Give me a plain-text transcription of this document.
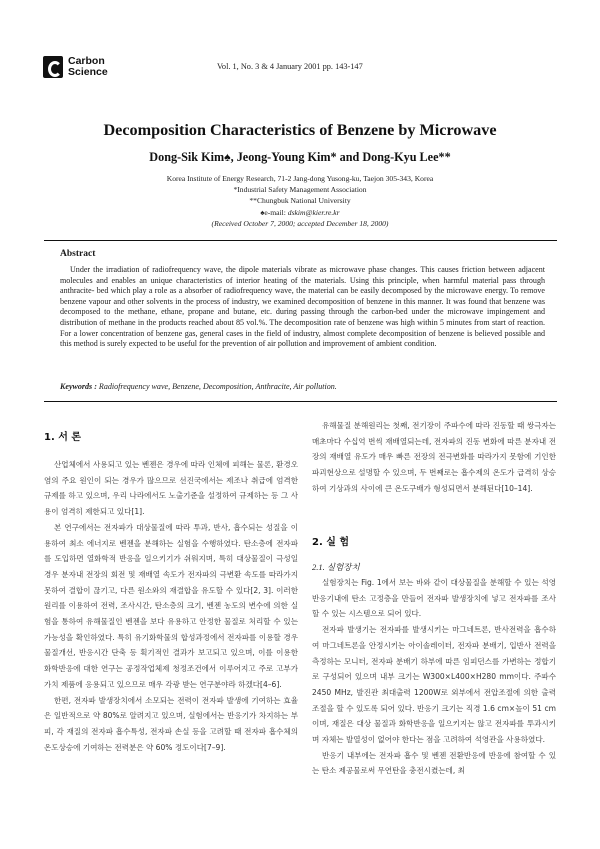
Carbon
Science	Vol. 1, No. 3 & 4 January 2001 pp. 143-147
Decomposition Characteristics of Benzene by Microwave
Dong-Sik Kim♠, Jeong-Young Kim* and Dong-Kyu Lee**
Korea Institute of Energy Research, 71-2 Jang-dong Yusong-ku, Taejon 305-343, Korea
*Industrial Safety Management Association
**Chungbuk National University
♠e-mail: dskim@kier.re.kr
(Received October 7, 2000; accepted December 18, 2000)
Abstract
Under the irradiation of radiofrequency wave, the dipole materials vibrate as microwave phase changes. This causes friction between adjacent molecules and enables an unique characteristics of interior heating of the materials. Using this principle, when harmful material pass through anthracite- bed which play a role as a absorber of radiofrequency wave, the material can be easily decomposed by the microwave energy. To remove benzene vapour and other solvents in the process of industry, we examined decomposition of benzene in this manner. It was found that benzene was decomposed to the methane, ethane, propane and butane, etc. during passing through the carbon-bed under the microwave impingement and distribution of methane in the products reached about 85 vol.%. The decomposition rate of benzene was high within 5 minutes from start of reaction. For a lower concentration of benzene gas, general cases in the field of industry, almost complete decomposition of benzene is believed possible and this method is surely expected to be useful for the prevention of air pollution and improvement of ambient condition.
Keywords : Radiofrequency wave, Benzene, Decomposition, Anthracite, Air pollution.
1. 서 론

산업체에서 사용되고 있는 벤젠은 경우에 따라 인체에 피해는 물론, 환경오염의 주요 원인이 되는 경우가 많으므로 선진국에서는 제조나 취급에 엄격한 규제를 하고 있으며, 우리 나라에서도 노출기준을 설정하여 규제하는 등 그 사용이 엄격히 제한되고 있다[1].

본 연구에서는 전자파가 대상물질에 따라 투과, 반사, 흡수되는 성질을 이용하여 최소 에너지로 벤젠을 분해하는 실험을 수행하였다. 탄소층에 전자파를 도입하면 열화학적 반응을 일으키기가 쉬워지며, 특히 대상물질이 극성일 경우 분자내 전장의 회전 및 재배열 속도가 전자파의 극변환 속도를 따라가지 못하여 결합이 끊기고, 다른 원소와의 재결합을 유도할 수 있다[2, 3]. 이러한 원리를 이용하여 전력, 조사시간, 탄소층의 크기, 벤젠 농도의 변수에 의한 실험을 통하여 유해물질인 벤젠을 보다 유용하고 안정한 물질로 처리할 수 있는 가능성을 확인하였다. 특히 유기화학물의 합성과정에서 전자파를 이용할 경우 물질개선, 반응시간 단축 등 획기적인 결과가 보고되고 있으며, 이를 이용한 화학반응에 대한 연구는 공정작업체제 청정조건에서 이루어지고 주로 고부가가치 제품에 응용되고 있으므로 매우 각광 받는 연구분야라 하겠다[4–6].

한편, 전자파 발생장치에서 소모되는 전력이 전자파 발생에 기여하는 효율은 일반적으로 약 80%로 알려지고 있으며, 실험에서는 반응기가 차지하는 부피, 각 재질의 전자파 흡수특성, 전자파 손실 등을 고려할 때 전자파 흡수체의 온도상승에 기여하는 전력분은 약 60% 정도이다[7–9].

유해물질 분해원리는 첫째, 전기장이 주파수에 따라 진동할 때 쌍극자는 매초마다 수십억 번씩 재배열되는데, 전자파의 진동 변화에 따른 분자내 전장의 재배열 유도가 매우 빠른 전장의 전극변화를 따라가지 못함에 기인한 파괴현상으로 설명할 수 있으며, 두 번째로는 흡수제의 온도가 급격히 상승하여 기상과의 사이에 큰 온도구배가 형성되면서 분해된다[10–14].

2. 실 험
2.1. 실험장치

실험장치는 Fig. 1에서 보는 바와 같이 대상물질을 분해할 수 있는 석영 반응기내에 탄소 고정층을 만들어 전자파 발생장치에 넣고 전자파를 조사할 수 있는 시스템으로 되어 있다.

전자파 발생기는 전자파를 발생시키는 마그네트론, 반사전력을 흡수하여 마그네트론을 안정시키는 아이솔레이터, 전자파 분배기, 입반사 전력을 측정하는 모니터, 전자파 분배기 하부에 따른 임피던스를 가변하는 정합기로 구성되어 있으며 내부 크기는 W300×L400×H280 mm이다. 주파수 2450 MHz, 발진관 최대출력 1200W로 외부에서 전압조절에 의한 출력 조절을 할 수 있도록 되어 있다. 반응기 크기는 직경 1.6 cm×높이 51 cm이며, 재질은 대상 물질과 화학반응을 일으키지는 않고 전자파를 투과시키며 자체는 발열성이 없어야 한다는 점을 고려하여 석영관을 사용하였다.

반응기 내부에는 전자파 흡수 및 벤젠 전환반응에 반응에 참여할 수 있는 탄소 제공물로써 무연탄을 충전시켰는데, 최
